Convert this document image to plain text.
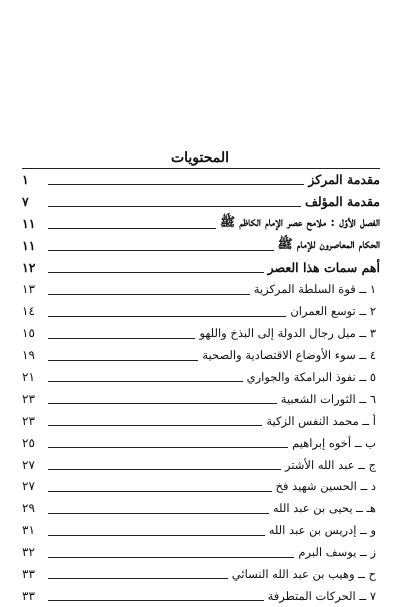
المحتويات
مقدمة المركز
١
مقدمة المؤلف
٧
الفصل الأوّل : ملامح عصر الإمام الكاظم ﷺ
١١
الحكام المعاصرون للإمام ﷺ
١١
أهم سمات هذا العصر
١٢
١ ــ قوة السلطة المركزية
١٣
٢ ــ توسع العمران
١٤
٣ ــ ميل رجال الدولة إلى البذخ واللهو
١٥
٤ ــ سوء الأوضاع الاقتصادية والصحية
١٩
٥ ــ نفوذ البرامكة والجواري
٢١
٦ ــ الثورات الشعبية
٢٣
أ ــ محمد النفس الزكية
٢٣
ب ــ أخوه إبراهيم
٢٥
ج ــ عبد الله الأشتر
٢٧
د ــ الحسين شهيد فخ
٢٧
هـ ــ يحيى بن عبد الله
٢٩
و ــ إدريس بن عبد الله
٣١
ز ــ يوسف البرم
٣٢
ح ــ وهيب بن عبد الله النسائي
٣٣
٧ ــ الحركات المتطرفة
٣٣
